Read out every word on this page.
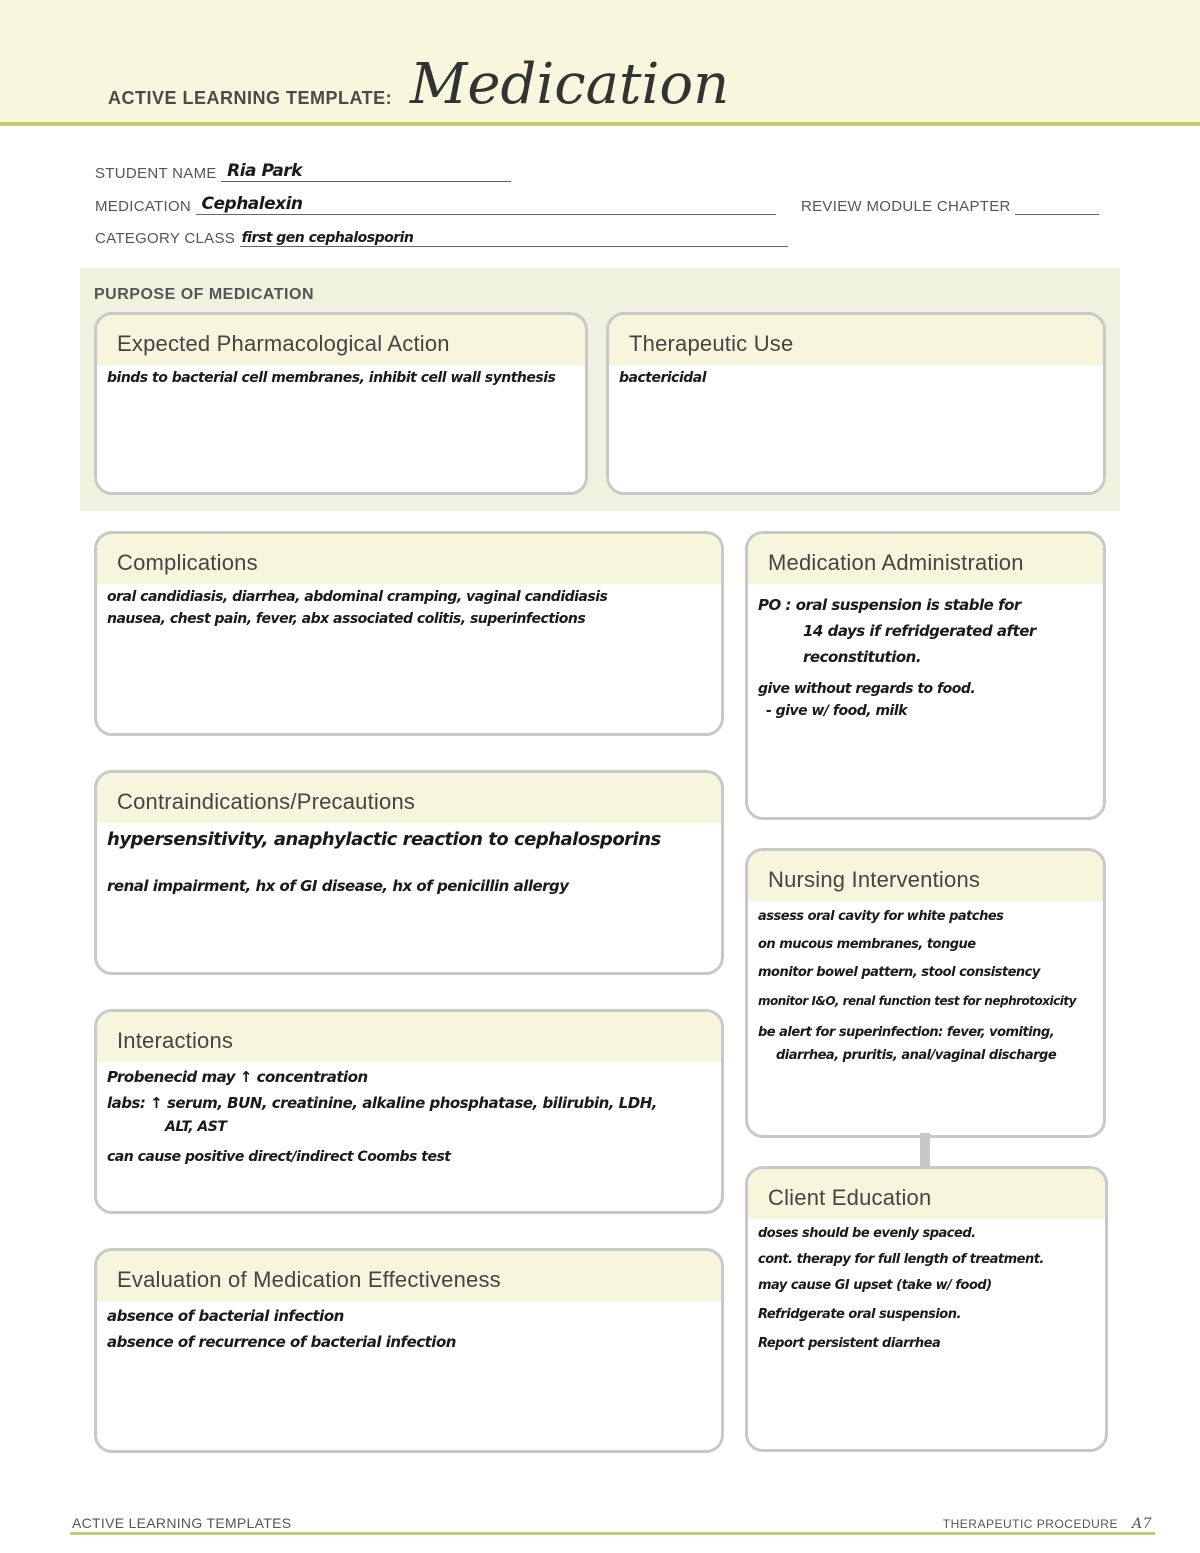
ACTIVE LEARNING TEMPLATE: Medication
STUDENT NAME Ria Park
MEDICATION Cephalexin	REVIEW MODULE CHAPTER
CATEGORY CLASS first gen cephalosporin
PURPOSE OF MEDICATION
Expected Pharmacological Action
binds to bacterial cell membranes, inhibit cell wall synthesis
Therapeutic Use
bactericidal
Complications
oral candidiasis, diarrhea, abdominal cramping, vaginal candidiasis
nausea, chest pain, fever, abx associated colitis, superinfections
Contraindications/Precautions
hypersensitivity, anaphylactic reaction to cephalosporins
renal impairment, hx of GI disease, hx of penicillin allergy
Interactions
Probenecid may ↑ concentration
labs: ↑ serum, BUN, creatinine, alkaline phosphatase, bilirubin, LDH,
ALT, AST
can cause positive direct/indirect Coombs test
Evaluation of Medication Effectiveness
absence of bacterial infection
absence of recurrence of bacterial infection
Medication Administration
PO : oral suspension is stable for
14 days if refridgerated after
reconstitution.
give without regards to food.
- give w/ food, milk
Nursing Interventions
assess oral cavity for white patches
on mucous membranes, tongue
monitor bowel pattern, stool consistency
monitor I&O, renal function test for nephrotoxicity
be alert for superinfection: fever, vomiting,
diarrhea, pruritis, anal/vaginal discharge
Client Education
doses should be evenly spaced.
cont. therapy for full length of treatment.
may cause GI upset (take w/ food)
Refridgerate oral suspension.
Report persistent diarrhea
ACTIVE LEARNING TEMPLATES	THERAPEUTIC PROCEDURE A7
